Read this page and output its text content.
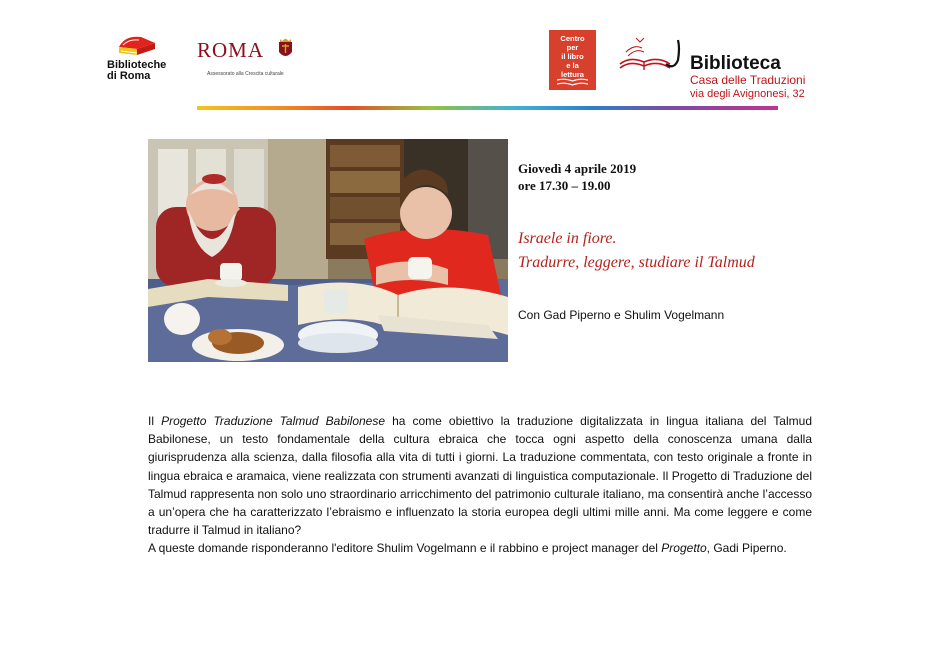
Biblioteche
di Roma
ROMA
Assessorato alla Crescita culturale
Centro
per
il libro
e la
lettura
Biblioteca
Casa delle Traduzioni
via degli Avignonesi, 32
Giovedì 4 aprile 2019
ore 17.30 – 19.00
Israele in fiore.
Tradurre, leggere, studiare il Talmud
Con Gad Piperno e Shulim Vogelmann

Il Progetto Traduzione Talmud Babilonese ha come obiettivo la traduzione digitalizzata in lingua italiana del Talmud Babilonese, un testo fondamentale della cultura ebraica che tocca ogni aspetto della conoscenza umana dalla giurisprudenza alla scienza, dalla filosofia alla vita di tutti i giorni. La traduzione commentata, con testo originale a fronte in lingua ebraica e aramaica, viene realizzata con strumenti avanzati di linguistica computazionale. Il Progetto di Traduzione del Talmud rappresenta non solo uno straordinario arricchimento del patrimonio culturale italiano, ma consentirà anche l’accesso a un’opera che ha caratterizzato l’ebraismo e influenzato la storia europea degli ultimi mille anni. Ma come leggere e come tradurre il Talmud in italiano?

A queste domande risponderanno l'editore Shulim Vogelmann e il rabbino e project manager del Progetto, Gadi Piperno.
